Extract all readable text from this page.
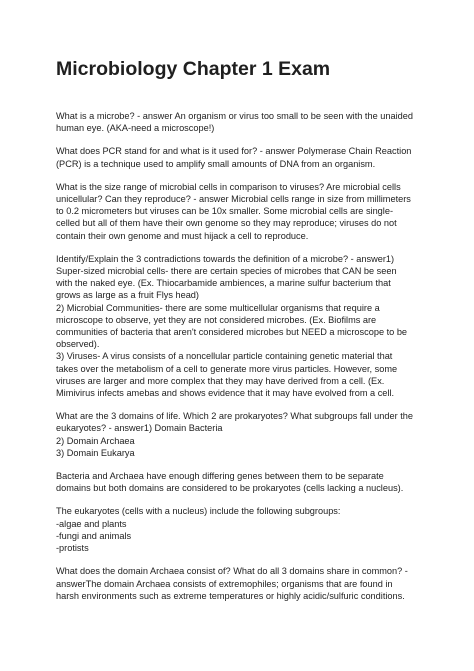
Microbiology Chapter 1 Exam

What is a microbe? - answer An organism or virus too small to be seen with the unaided
human eye. (AKA-need a microscope!)

What does PCR stand for and what is it used for? - answer Polymerase Chain Reaction
(PCR) is a technique used to amplify small amounts of DNA from an organism.

What is the size range of microbial cells in comparison to viruses? Are microbial cells
unicellular? Can they reproduce? - answer Microbial cells range in size from millimeters
to 0.2 micrometers but viruses can be 10x smaller. Some microbial cells are single-
celled but all of them have their own genome so they may reproduce; viruses do not
contain their own genome and must hijack a cell to reproduce.

Identify/Explain the 3 contradictions towards the definition of a microbe? - answer1)
Super-sized microbial cells- there are certain species of microbes that CAN be seen
with the naked eye. (Ex. Thiocarbamide ambiences, a marine sulfur bacterium that
grows as large as a fruit Flys head)
2) Microbial Communities- there are some multicellular organisms that require a
microscope to observe, yet they are not considered microbes. (Ex. Biofilms are
communities of bacteria that aren't considered microbes but NEED a microscope to be
observed).
3) Viruses- A virus consists of a noncellular particle containing genetic material that
takes over the metabolism of a cell to generate more virus particles. However, some
viruses are larger and more complex that they may have derived from a cell. (Ex.
Mimivirus infects amebas and shows evidence that it may have evolved from a cell.

What are the 3 domains of life. Which 2 are prokaryotes? What subgroups fall under the
eukaryotes? - answer1) Domain Bacteria
2) Domain Archaea
3) Domain Eukarya

Bacteria and Archaea have enough differing genes between them to be separate
domains but both domains are considered to be prokaryotes (cells lacking a nucleus).

The eukaryotes (cells with a nucleus) include the following subgroups:
-algae and plants
-fungi and animals
-protists

What does the domain Archaea consist of? What do all 3 domains share in common? -
answerThe domain Archaea consists of extremophiles; organisms that are found in
harsh environments such as extreme temperatures or highly acidic/sulfuric conditions.
